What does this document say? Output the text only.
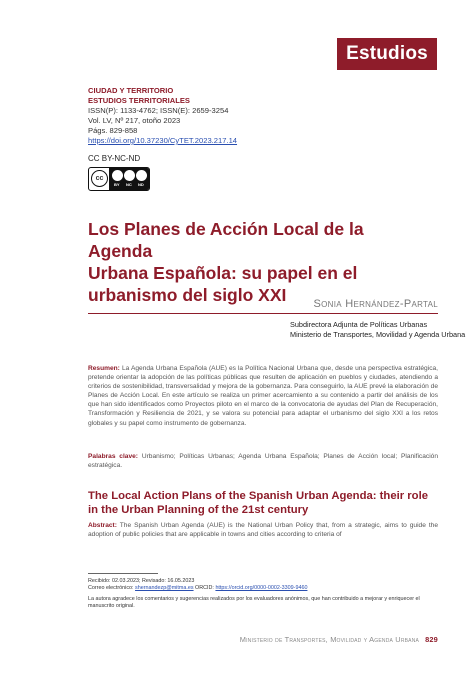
Estudios
CIUDAD Y TERRITORIO
ESTUDIOS TERRITORIALES
ISSN(P): 1133-4762; ISSN(E): 2659-3254
Vol. LV, Nº 217, otoño 2023
Págs. 829-858
https://doi.org/10.37230/CyTET.2023.217.14
CC BY-NC-ND
cc
BY NC ND
Los Planes de Acción Local de la Agenda
Urbana Española: su papel en el
urbanismo del siglo XXI	Sonia Hernández-Partal
Subdirectora Adjunta de Políticas Urbanas
Ministerio de Transportes, Movilidad y Agenda Urbana
Resumen: La Agenda Urbana Española (AUE) es la Política Nacional Urbana que, desde una perspectiva estratégica, pretende orientar la adopción de las políticas públicas que resulten de aplicación en pueblos y ciudades, atendiendo a criterios de sostenibilidad, transversalidad y mejora de la gobernanza. Para conseguirlo, la AUE prevé la elaboración de Planes de Acción Local. En este artículo se realiza un primer acercamiento a su contenido a partir del análisis de los que han sido identificados como Proyectos piloto en el marco de la convocatoria de ayudas del Plan de Recuperación, Transformación y Resiliencia de 2021, y se valora su potencial para adaptar el urbanismo del siglo XXI a los retos globales y su papel como instrumento de gobernanza.
Palabras clave: Urbanismo; Políticas Urbanas; Agenda Urbana Española; Planes de Acción local; Planificación estratégica.
The Local Action Plans of the Spanish Urban Agenda: their role in the Urban Planning of the 21st century
Abstract: The Spanish Urban Agenda (AUE) is the National Urban Policy that, from a strategic, aims to guide the adoption of public policies that are applicable in towns and cities according to criteria of
Recibido: 02.03.2023; Revisado: 16.05.2023
Correo electrónico: shernandezp@mitma.es ORCID: https://orcid.org/0000-0002-3309-9460
La autora agradece los comentarios y sugerencias realizados por los evaluadores anónimos, que han contribuido a mejorar y enriquecer el manuscrito original.
Ministerio de Transportes, Movilidad y Agenda Urbana 829
